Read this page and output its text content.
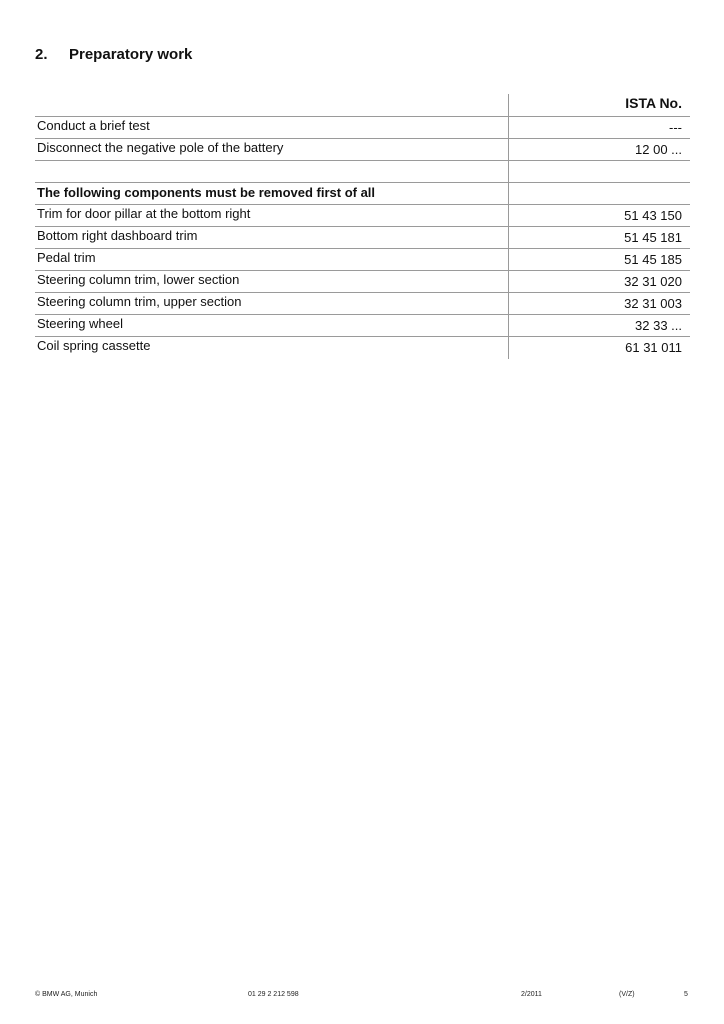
2.	Preparatory work
ISTA No.
Conduct a brief test	---
Disconnect the negative pole of the battery	12 00 ...
The following components must be removed first of all
Trim for door pillar at the bottom right	51 43 150
Bottom right dashboard trim	51 45 181
Pedal trim	51 45 185
Steering column trim, lower section	32 31 020
Steering column trim, upper section	32 31 003
Steering wheel	32 33 ...
Coil spring cassette	61 31 011
© BMW AG, Munich	01 29 2 212 598	2/2011	(V/Z)	5
